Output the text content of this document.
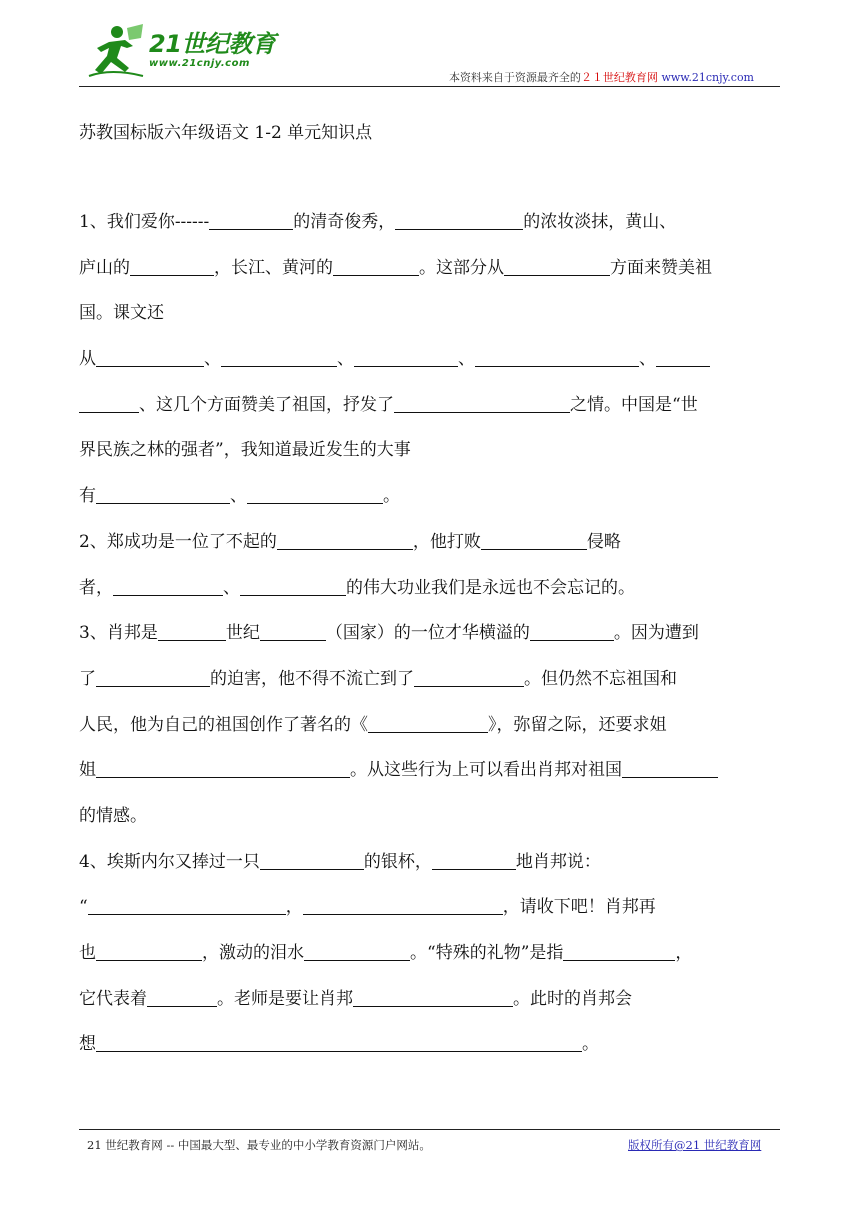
21世纪教育
www.21cnjy.com
本资料来自于资源最齐全的２１世纪教育网 www.21cnjy.com
苏教国标版六年级语文 1-2 单元知识点
1、我们爱你------	的清奇俊秀，	的浓妆淡抹，黄山、
庐山的	，长江、黄河的	。这部分从	方面来赞美祖
国。课文还
从	、	、	、	、
、这几个方面赞美了祖国，抒发了	之情。中国是“世
界民族之林的强者”，我知道最近发生的大事
有	、	。
2、郑成功是一位了不起的	，他打败	侵略
者，	、	的伟大功业我们是永远也不会忘记的。
3、肖邦是	世纪	（国家）的一位才华横溢的	。因为遭到
了	的迫害，他不得不流亡到了	。但仍然不忘祖国和
人民，他为自己的祖国创作了著名的《	》，弥留之际，还要求姐
姐	。从这些行为上可以看出肖邦对祖国
的情感。
4、埃斯内尔又捧过一只	的银杯，	地肖邦说：
“	，	，请收下吧！肖邦再
也	，激动的泪水	。“特殊的礼物”是指	，
它代表着	。老师是要让肖邦	。此时的肖邦会
想	。
21 世纪教育网 -- 中国最大型、最专业的中小学教育资源门户网站。	版权所有@21 世纪教育网
